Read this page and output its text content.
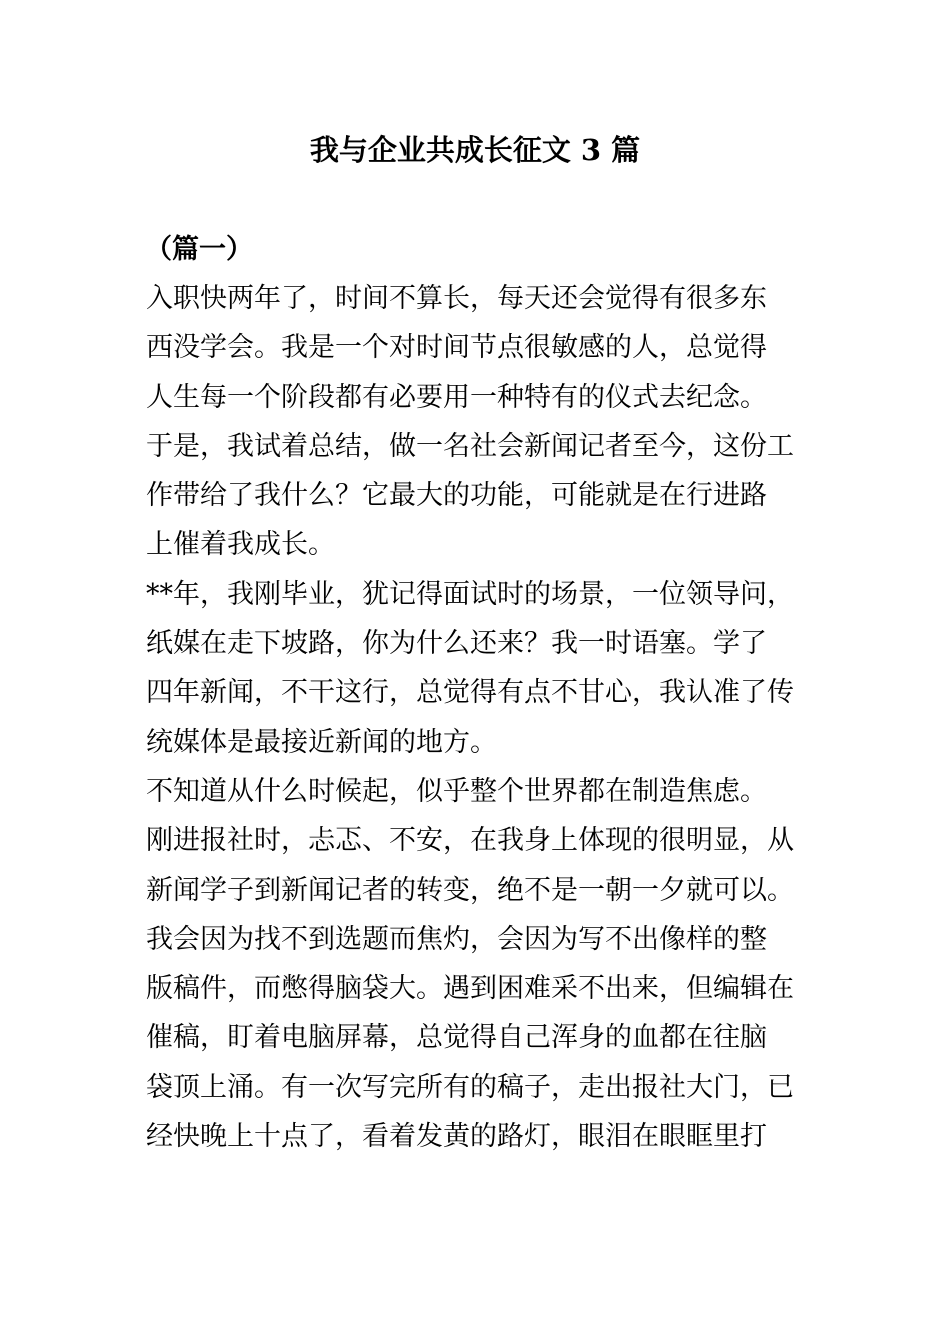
我与企业共成长征文 3 篇
（篇一）
入职快两年了，时间不算长，每天还会觉得有很多东
西没学会。我是一个对时间节点很敏感的人，总觉得
人生每一个阶段都有必要用一种特有的仪式去纪念。
于是，我试着总结，做一名社会新闻记者至今，这份工
作带给了我什么？它最大的功能，可能就是在行进路
上催着我成长。
**年，我刚毕业，犹记得面试时的场景，一位领导问，
纸媒在走下坡路，你为什么还来？我一时语塞。学了
四年新闻，不干这行，总觉得有点不甘心，我认准了传
统媒体是最接近新闻的地方。
不知道从什么时候起，似乎整个世界都在制造焦虑。
刚进报社时，忐忑、不安，在我身上体现的很明显，从
新闻学子到新闻记者的转变，绝不是一朝一夕就可以。
我会因为找不到选题而焦灼，会因为写不出像样的整
版稿件，而憋得脑袋大。遇到困难采不出来，但编辑在
催稿，盯着电脑屏幕，总觉得自己浑身的血都在往脑
袋顶上涌。有一次写完所有的稿子，走出报社大门，已
经快晚上十点了，看着发黄的路灯，眼泪在眼眶里打
